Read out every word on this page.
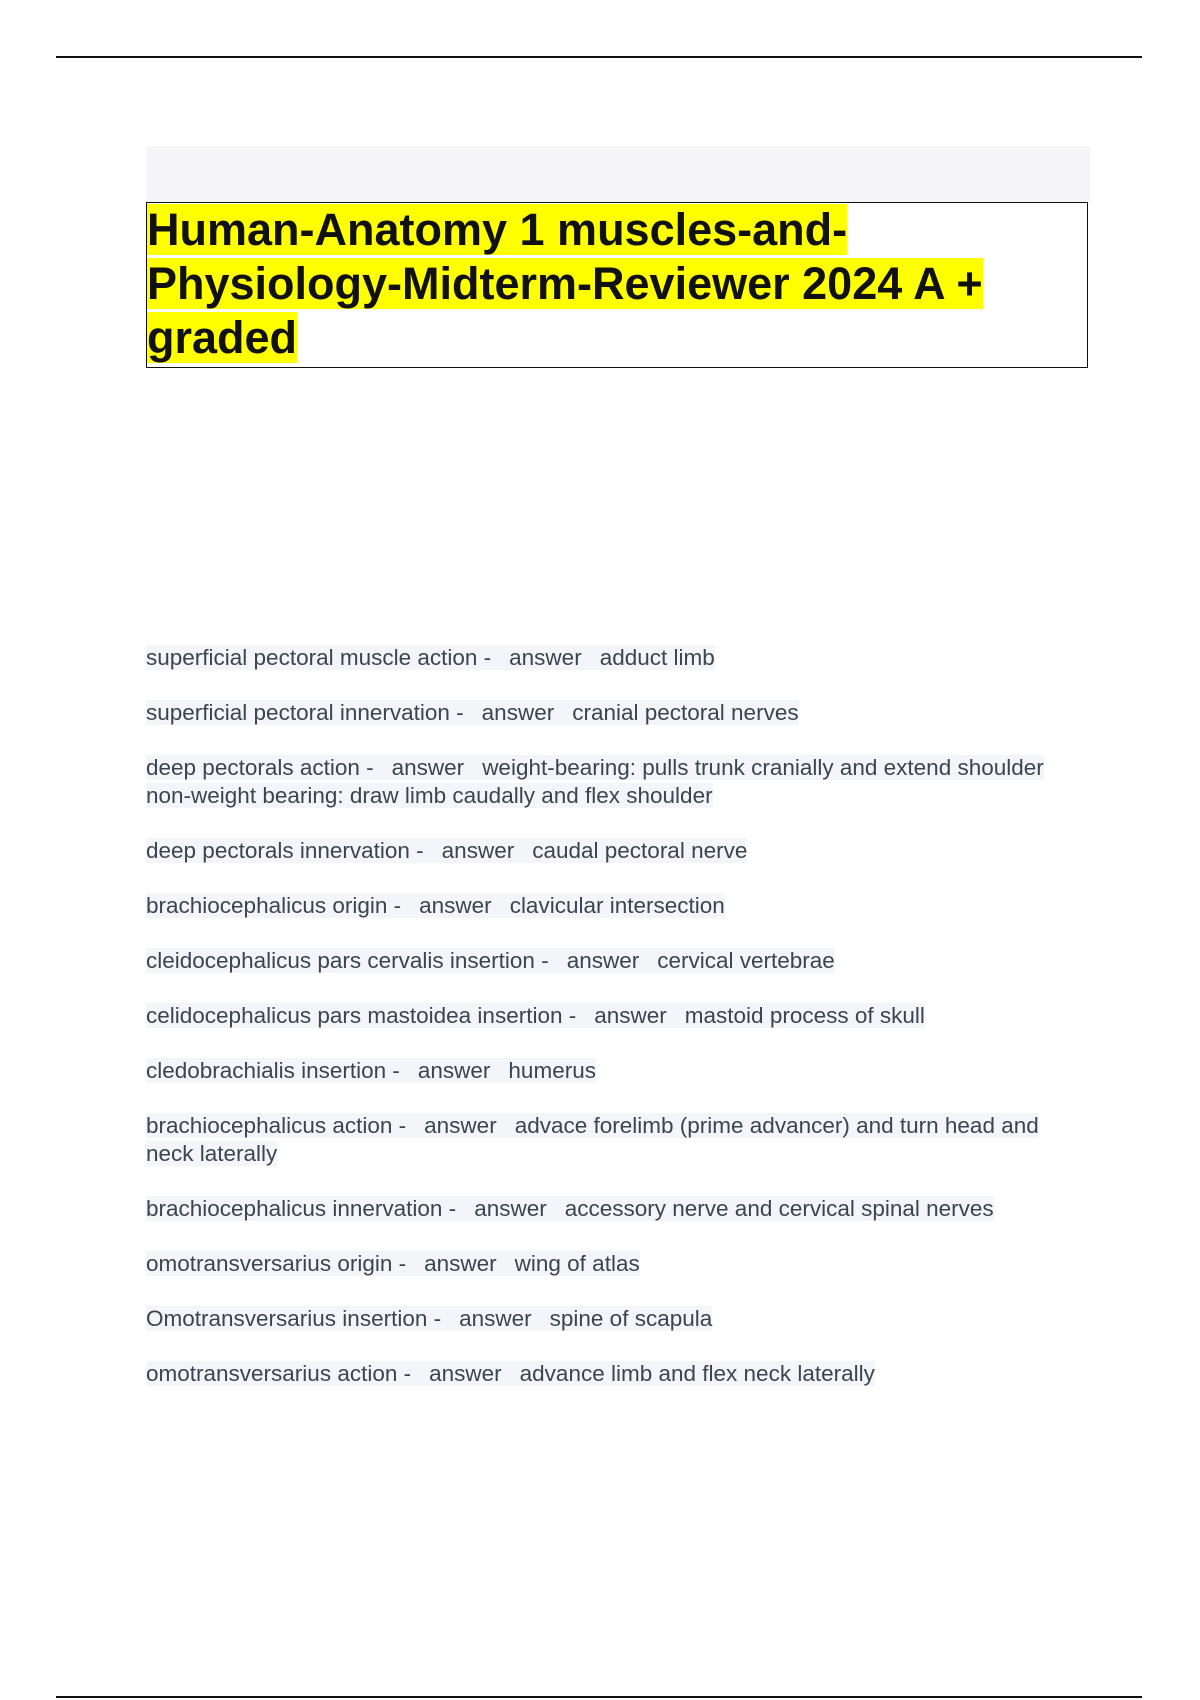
Human-Anatomy 1 muscles-and-
Physiology-Midterm-Reviewer 2024 A +
graded
superficial pectoral muscle action - answer adduct limb
superficial pectoral innervation - answer cranial pectoral nerves
deep pectorals action - answer weight-bearing: pulls trunk cranially and extend shoulder
non-weight bearing: draw limb caudally and flex shoulder
deep pectorals innervation - answer caudal pectoral nerve
brachiocephalicus origin - answer clavicular intersection
cleidocephalicus pars cervalis insertion - answer cervical vertebrae
celidocephalicus pars mastoidea insertion - answer mastoid process of skull
cledobrachialis insertion - answer humerus
brachiocephalicus action - answer advace forelimb (prime advancer) and turn head and neck laterally
brachiocephalicus innervation - answer accessory nerve and cervical spinal nerves
omotransversarius origin - answer wing of atlas
Omotransversarius insertion - answer spine of scapula
omotransversarius action - answer advance limb and flex neck laterally
